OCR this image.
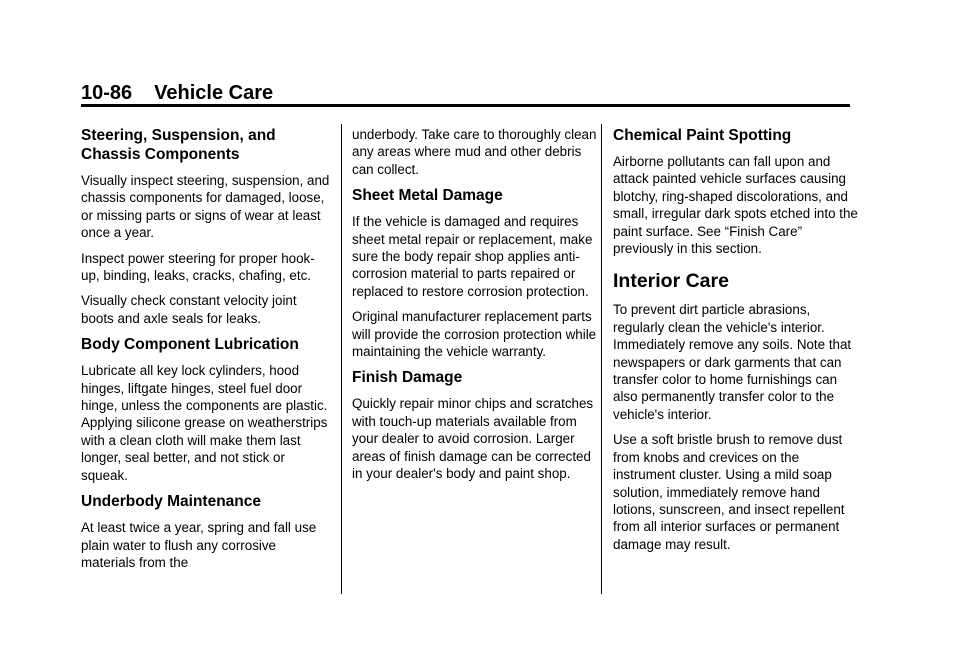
10-86 Vehicle Care
Steering, Suspension, and Chassis Components

Visually inspect steering, suspension, and chassis components for damaged, loose, or missing parts or signs of wear at least once a year.

Inspect power steering for proper hook-up, binding, leaks, cracks, chafing, etc.

Visually check constant velocity joint boots and axle seals for leaks.

Body Component Lubrication

Lubricate all key lock cylinders, hood hinges, liftgate hinges, steel fuel door hinge, unless the components are plastic. Applying silicone grease on weatherstrips with a clean cloth will make them last longer, seal better, and not stick or squeak.

Underbody Maintenance

At least twice a year, spring and fall use plain water to flush any corrosive materials from the

underbody. Take care to thoroughly clean any areas where mud and other debris can collect.

Sheet Metal Damage

If the vehicle is damaged and requires sheet metal repair or replacement, make sure the body repair shop applies anti-corrosion material to parts repaired or replaced to restore corrosion protection.

Original manufacturer replacement parts will provide the corrosion protection while maintaining the vehicle warranty.

Finish Damage

Quickly repair minor chips and scratches with touch-up materials available from your dealer to avoid corrosion. Larger areas of finish damage can be corrected in your dealer's body and paint shop.

Chemical Paint Spotting

Airborne pollutants can fall upon and attack painted vehicle surfaces causing blotchy, ring-shaped discolorations, and small, irregular dark spots etched into the paint surface. See “Finish Care” previously in this section.

Interior Care

To prevent dirt particle abrasions, regularly clean the vehicle's interior. Immediately remove any soils. Note that newspapers or dark garments that can transfer color to home furnishings can also permanently transfer color to the vehicle's interior.

Use a soft bristle brush to remove dust from knobs and crevices on the instrument cluster. Using a mild soap solution, immediately remove hand lotions, sunscreen, and insect repellent from all interior surfaces or permanent damage may result.
